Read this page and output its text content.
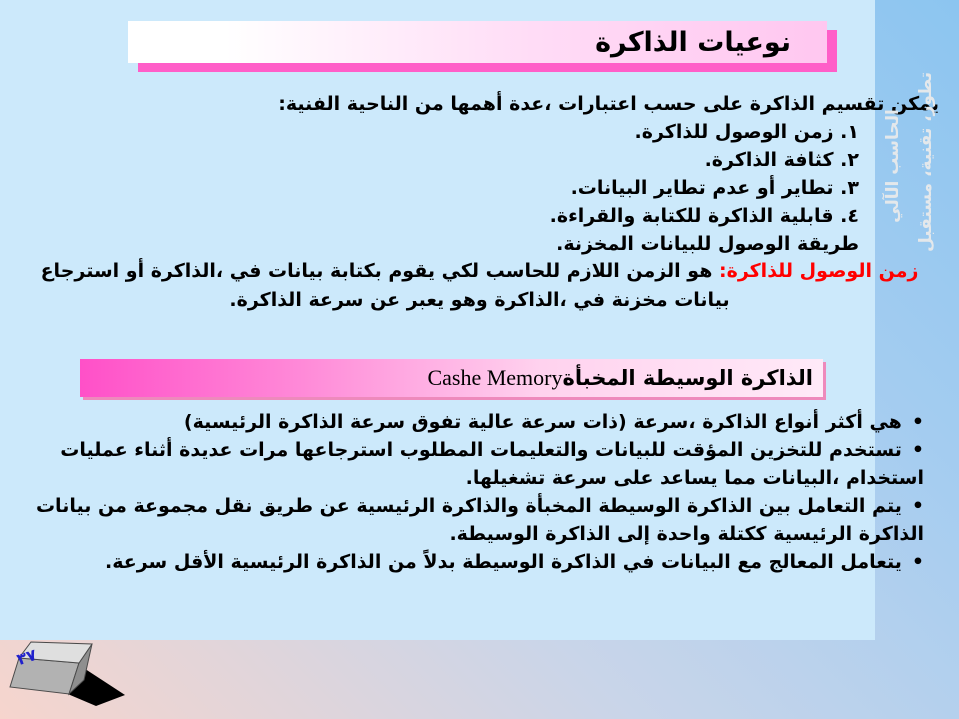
نوعيات الذاكرة
يمكن تقسيم الذاكرة على حسب اعتبارات ،عدة أهمها من الناحية الفنية:
١. زمن الوصول للذاكرة.
٢. كثافة الذاكرة.
٣. تطاير أو عدم تطاير البيانات.
٤. قابلية الذاكرة للكتابة والقراءة.
طريقة الوصول للبيانات المخزنة.
زمن الوصول للذاكرة: هو الزمن اللازم للحاسب لكي يقوم بكتابة بيانات في ،الذاكرة أو استرجاع بيانات مخزنة في ،الذاكرة وهو يعبر عن سرعة الذاكرة.
الذاكرة الوسيطة المخبأة
Cashe Memory
•هي أكثر أنواع الذاكرة ،سرعة (ذات سرعة عالية تفوق سرعة الذاكرة الرئيسية)
•تستخدم للتخزين المؤقت للبيانات والتعليمات المطلوب استرجاعها مرات عديدة أثناء عمليات استخدام ،البيانات مما يساعد على سرعة تشغيلها.
•يتم التعامل بين الذاكرة الوسيطة المخبأة والذاكرة الرئيسية عن طريق نقل مجموعة من بيانات الذاكرة الرئيسية ككتلة واحدة إلى الذاكرة الوسيطة.
•يتعامل المعالج مع البيانات في الذاكرة الوسيطة بدلاً من الذاكرة الرئيسية الأقل سرعة.
تطور، تقنية، مستقبل
الحاسب الآلي
٣٧
